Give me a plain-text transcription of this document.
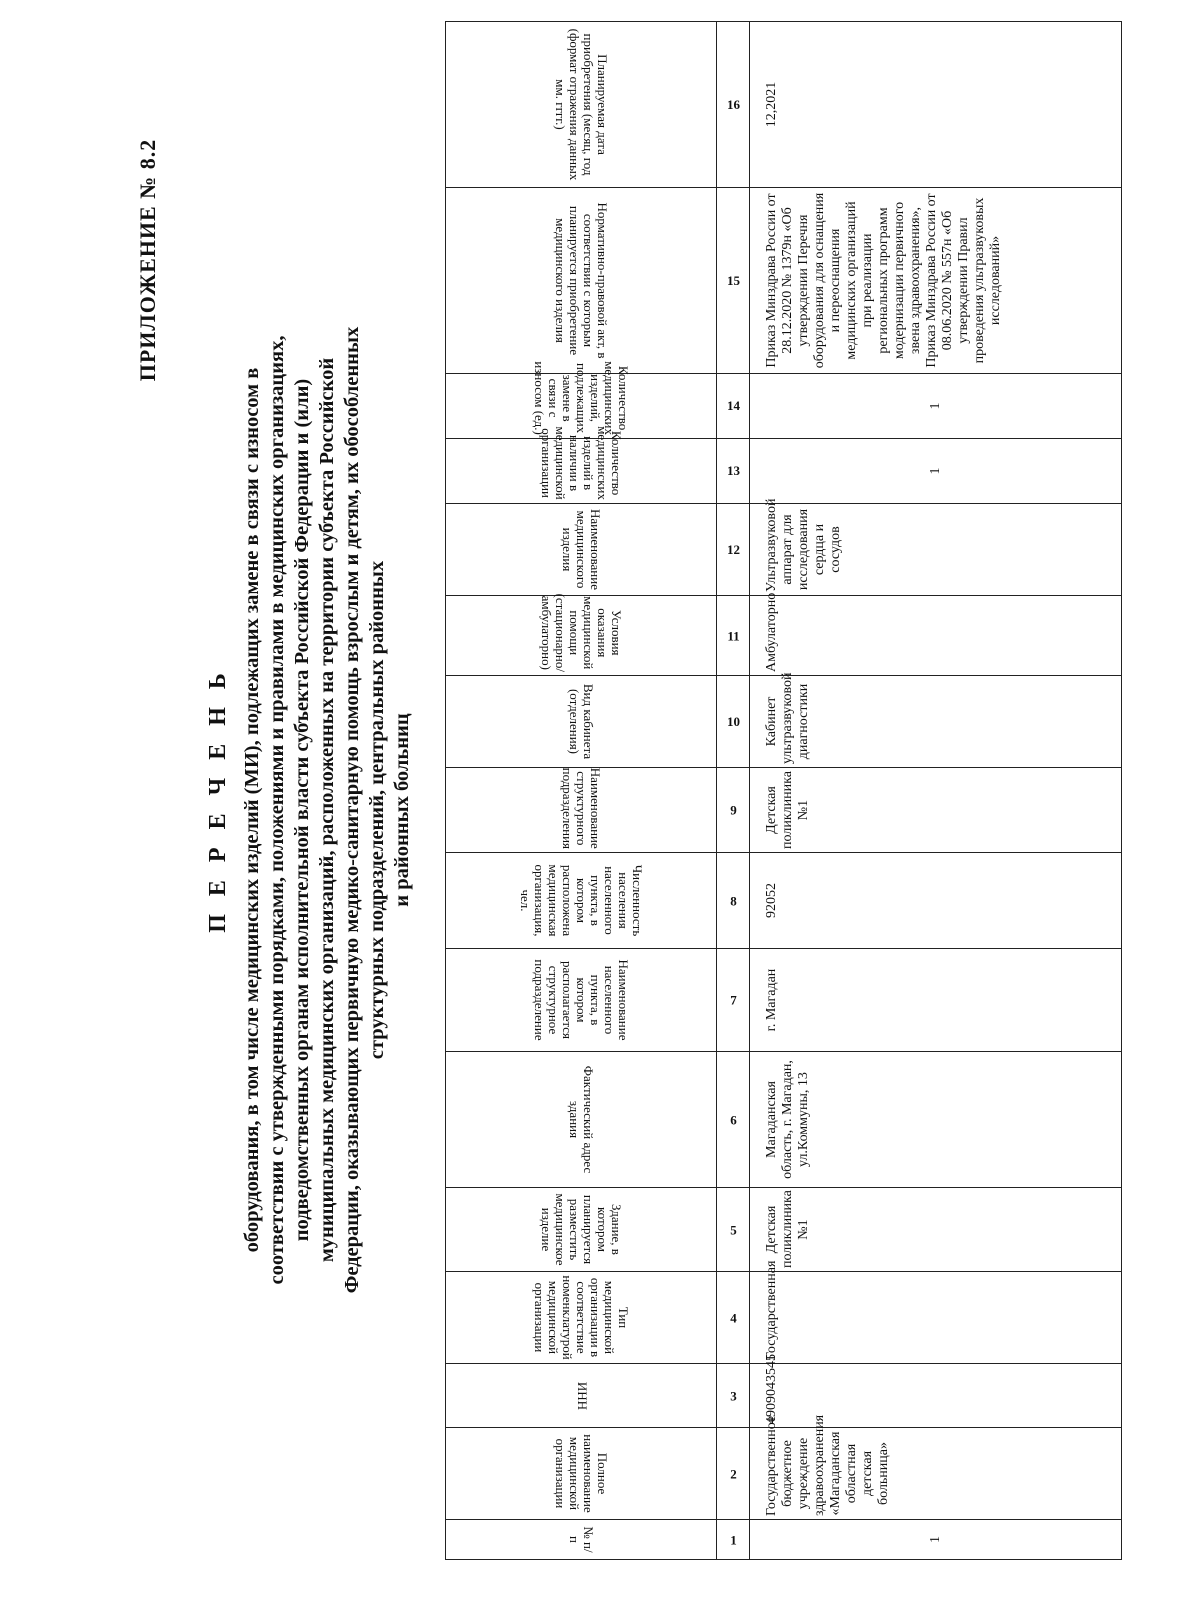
ПРИЛОЖЕНИЕ № 8.2
П Е Р Е Ч Е Н Ь оборудования, в том числе медицинских изделий (МИ), подлежащих замене в связи с износом в соответствии с утвержденными порядками, положениями и правилами в медицинских организациях, подведомственных органам исполнительной власти субъекта Российской Федерации и (или) муниципальных медицинских организаций, расположенных на территории субъекта Российской Федерации, оказывающих первичную медико-санитарную помощь взрослым и детям, их обособленных структурных подразделений, центральных районных и районных больниц
№ п/п	Полное наименование медицинской организации	ИНН	Тип медицинской организации в соответствие номенклатурой медицинской организации	Здание, в котором планируется разместить медицинское изделие	Фактический адрес здания	Наименование населенного пункта, в котором располагается структурное подразделение	Численность населения населенного пункта, в котором расположена медицинская организация, чел.	Наименование структурного подразделения	Вид кабинета (отделения)	Условия оказания медицинской помощи (стационарно/амбулаторно)	Наименование медицинского изделия	Количество медицинских изделий в наличии в медицинской организации	Количество медицинских изделий, подлежащих замене в связи с износом (ед.)	Нормативно-правовой акт, в соответствии с которым планируется приобретение медицинского изделия	Планируемая дата приобретения (месяц, год (формат отражения данных мм. гггг.)
1	2	3	4	5	6	7	8	9	10	11	12	13	14	15	16
1	Государственное бюджетное учреждение здравоохранения «Магаданская областная детская больница»	4909043545	Государственная	Детская поликлиника №1	Магаданская область, г. Магадан, ул.Коммуны, 13	г. Магадан	92052	Детская поликлиника №1	Кабинет ультразвуковой диагностики	Амбулаторно	Ультразвуковой аппарат для исследования сердца и сосудов	1	1	Приказ Минздрава России от 28.12.2020 № 1379н «Об утверждении Перечня оборудования для оснащения и переоснащения медицинских организаций при реализации региональных программ модернизации первичного звена здравоохранения», Приказ Минздрава России от 08.06.2020 № 557н «Об утверждении Правил проведения ультразвуковых исследований»	12,2021
